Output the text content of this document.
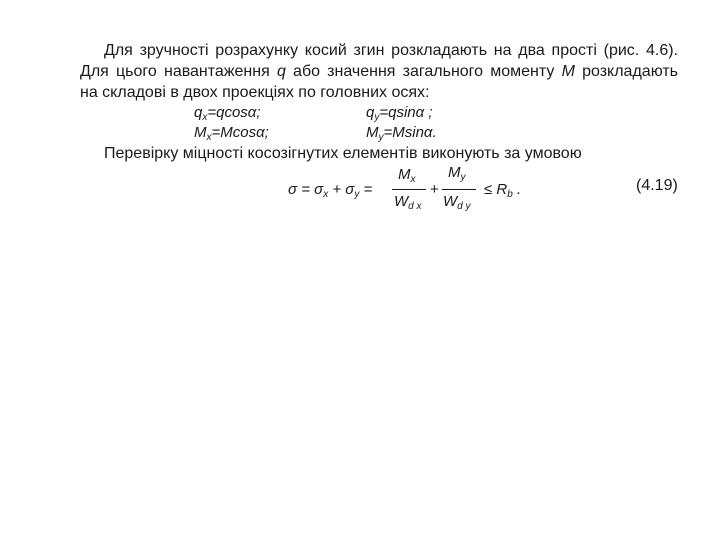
Для зручності розрахунку косий згин розкладають на два прості (рис. 4.6).
Для цього навантаження q або значення загального моменту M розкладають
на складові в двох проекціях по головних осях:
$q_x=qcos\alpha$;	$q_y=qsin\alpha$ ;
$M_x=Mcos\alpha$;	$M_y=Msin\alpha$.
Перевірку міцності косозігнутих елементів виконують за умовою
$\sigma = \sigma_x + \sigma_y$ =
$M_x$
$W_{d x}$
+
$M_y$
$W_{d y}$
≤ $R_b$ .	(4.19)
